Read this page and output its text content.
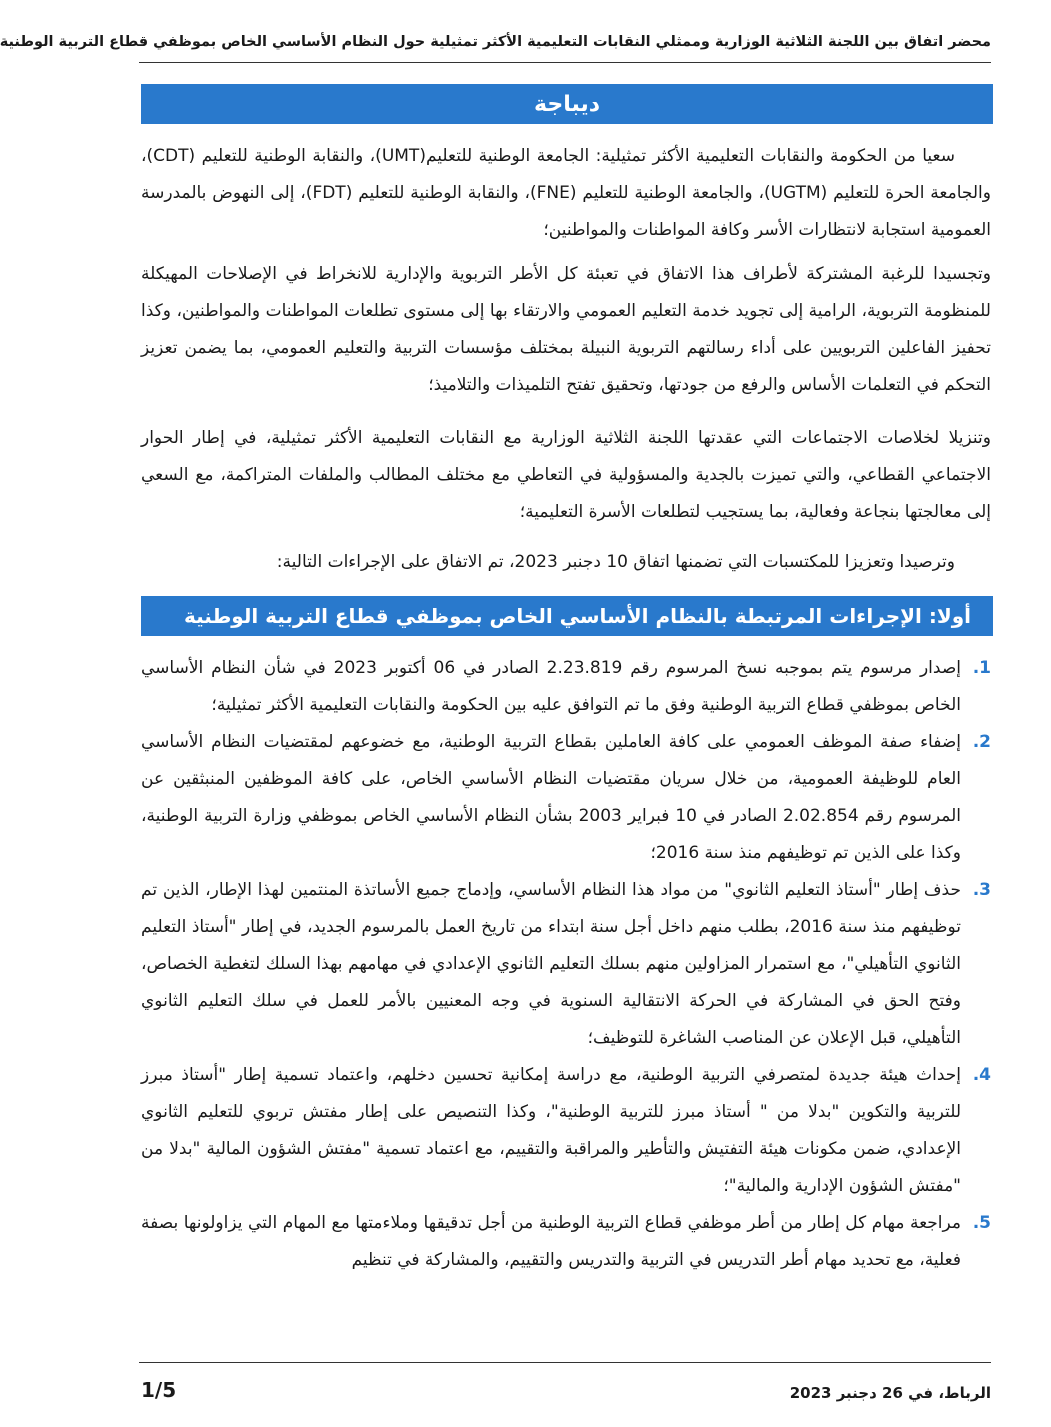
محضر اتفاق بين اللجنة الثلاثية الوزارية وممثلي النقابات التعليمية الأكثر تمثيلية حول النظام الأساسي الخاص بموظفي قطاع التربية الوطنية
ديباجة
سعيا من الحكومة والنقابات التعليمية الأكثر تمثيلية: الجامعة الوطنية للتعليم(UMT)، والنقابة الوطنية للتعليم (CDT)، والجامعة الحرة للتعليم (UGTM)، والجامعة الوطنية للتعليم (FNE)، والنقابة الوطنية للتعليم (FDT)، إلى النهوض بالمدرسة العمومية استجابة لانتظارات الأسر وكافة المواطنات والمواطنين؛
وتجسيدا للرغبة المشتركة لأطراف هذا الاتفاق في تعبئة كل الأطر التربوية والإدارية للانخراط في الإصلاحات المهيكلة للمنظومة التربوية، الرامية إلى تجويد خدمة التعليم العمومي والارتقاء بها إلى مستوى تطلعات المواطنات والمواطنين، وكذا تحفيز الفاعلين التربويين على أداء رسالتهم التربوية النبيلة بمختلف مؤسسات التربية والتعليم العمومي، بما يضمن تعزيز التحكم في التعلمات الأساس والرفع من جودتها، وتحقيق تفتح التلميذات والتلاميذ؛
وتنزيلا لخلاصات الاجتماعات التي عقدتها اللجنة الثلاثية الوزارية مع النقابات التعليمية الأكثر تمثيلية، في إطار الحوار الاجتماعي القطاعي، والتي تميزت بالجدية والمسؤولية في التعاطي مع مختلف المطالب والملفات المتراكمة، مع السعي إلى معالجتها بنجاعة وفعالية، بما يستجيب لتطلعات الأسرة التعليمية؛
وترصيدا وتعزيزا للمكتسبات التي تضمنها اتفاق 10 دجنبر 2023، تم الاتفاق على الإجراءات التالية:
أولا: الإجراءات المرتبطة بالنظام الأساسي الخاص بموظفي قطاع التربية الوطنية
1.
إصدار مرسوم يتم بموجبه نسخ المرسوم رقم 2.23.819 الصادر في 06 أكتوبر 2023 في شأن النظام الأساسي الخاص بموظفي قطاع التربية الوطنية وفق ما تم التوافق عليه بين الحكومة والنقابات التعليمية الأكثر تمثيلية؛
2.
إضفاء صفة الموظف العمومي على كافة العاملين بقطاع التربية الوطنية، مع خضوعهم لمقتضيات النظام الأساسي العام للوظيفة العمومية، من خلال سريان مقتضيات النظام الأساسي الخاص، على كافة الموظفين المنبثقين عن المرسوم رقم 2.02.854 الصادر في 10 فبراير 2003 بشأن النظام الأساسي الخاص بموظفي وزارة التربية الوطنية، وكذا على الذين تم توظيفهم منذ سنة 2016؛
3.
حذف إطار "أستاذ التعليم الثانوي" من مواد هذا النظام الأساسي، وإدماج جميع الأساتذة المنتمين لهذا الإطار، الذين تم توظيفهم منذ سنة 2016، بطلب منهم داخل أجل سنة ابتداء من تاريخ العمل بالمرسوم الجديد، في إطار "أستاذ التعليم الثانوي التأهيلي"، مع استمرار المزاولين منهم بسلك التعليم الثانوي الإعدادي في مهامهم بهذا السلك لتغطية الخصاص، وفتح الحق في المشاركة في الحركة الانتقالية السنوية في وجه المعنيين بالأمر للعمل في سلك التعليم الثانوي التأهيلي، قبل الإعلان عن المناصب الشاغرة للتوظيف؛
4.
إحداث هيئة جديدة لمتصرفي التربية الوطنية، مع دراسة إمكانية تحسين دخلهم، واعتماد تسمية إطار "أستاذ مبرز للتربية والتكوين "بدلا من " أستاذ مبرز للتربية الوطنية"، وكذا التنصيص على إطار مفتش تربوي للتعليم الثانوي الإعدادي، ضمن مكونات هيئة التفتيش والتأطير والمراقبة والتقييم، مع اعتماد تسمية "مفتش الشؤون المالية "بدلا من "مفتش الشؤون الإدارية والمالية"؛
5.
مراجعة مهام كل إطار من أطر موظفي قطاع التربية الوطنية من أجل تدقيقها وملاءمتها مع المهام التي يزاولونها بصفة فعلية، مع تحديد مهام أطر التدريس في التربية والتدريس والتقييم، والمشاركة في تنظيم
الرباط، في 26 دجنبر 2023
1/5
